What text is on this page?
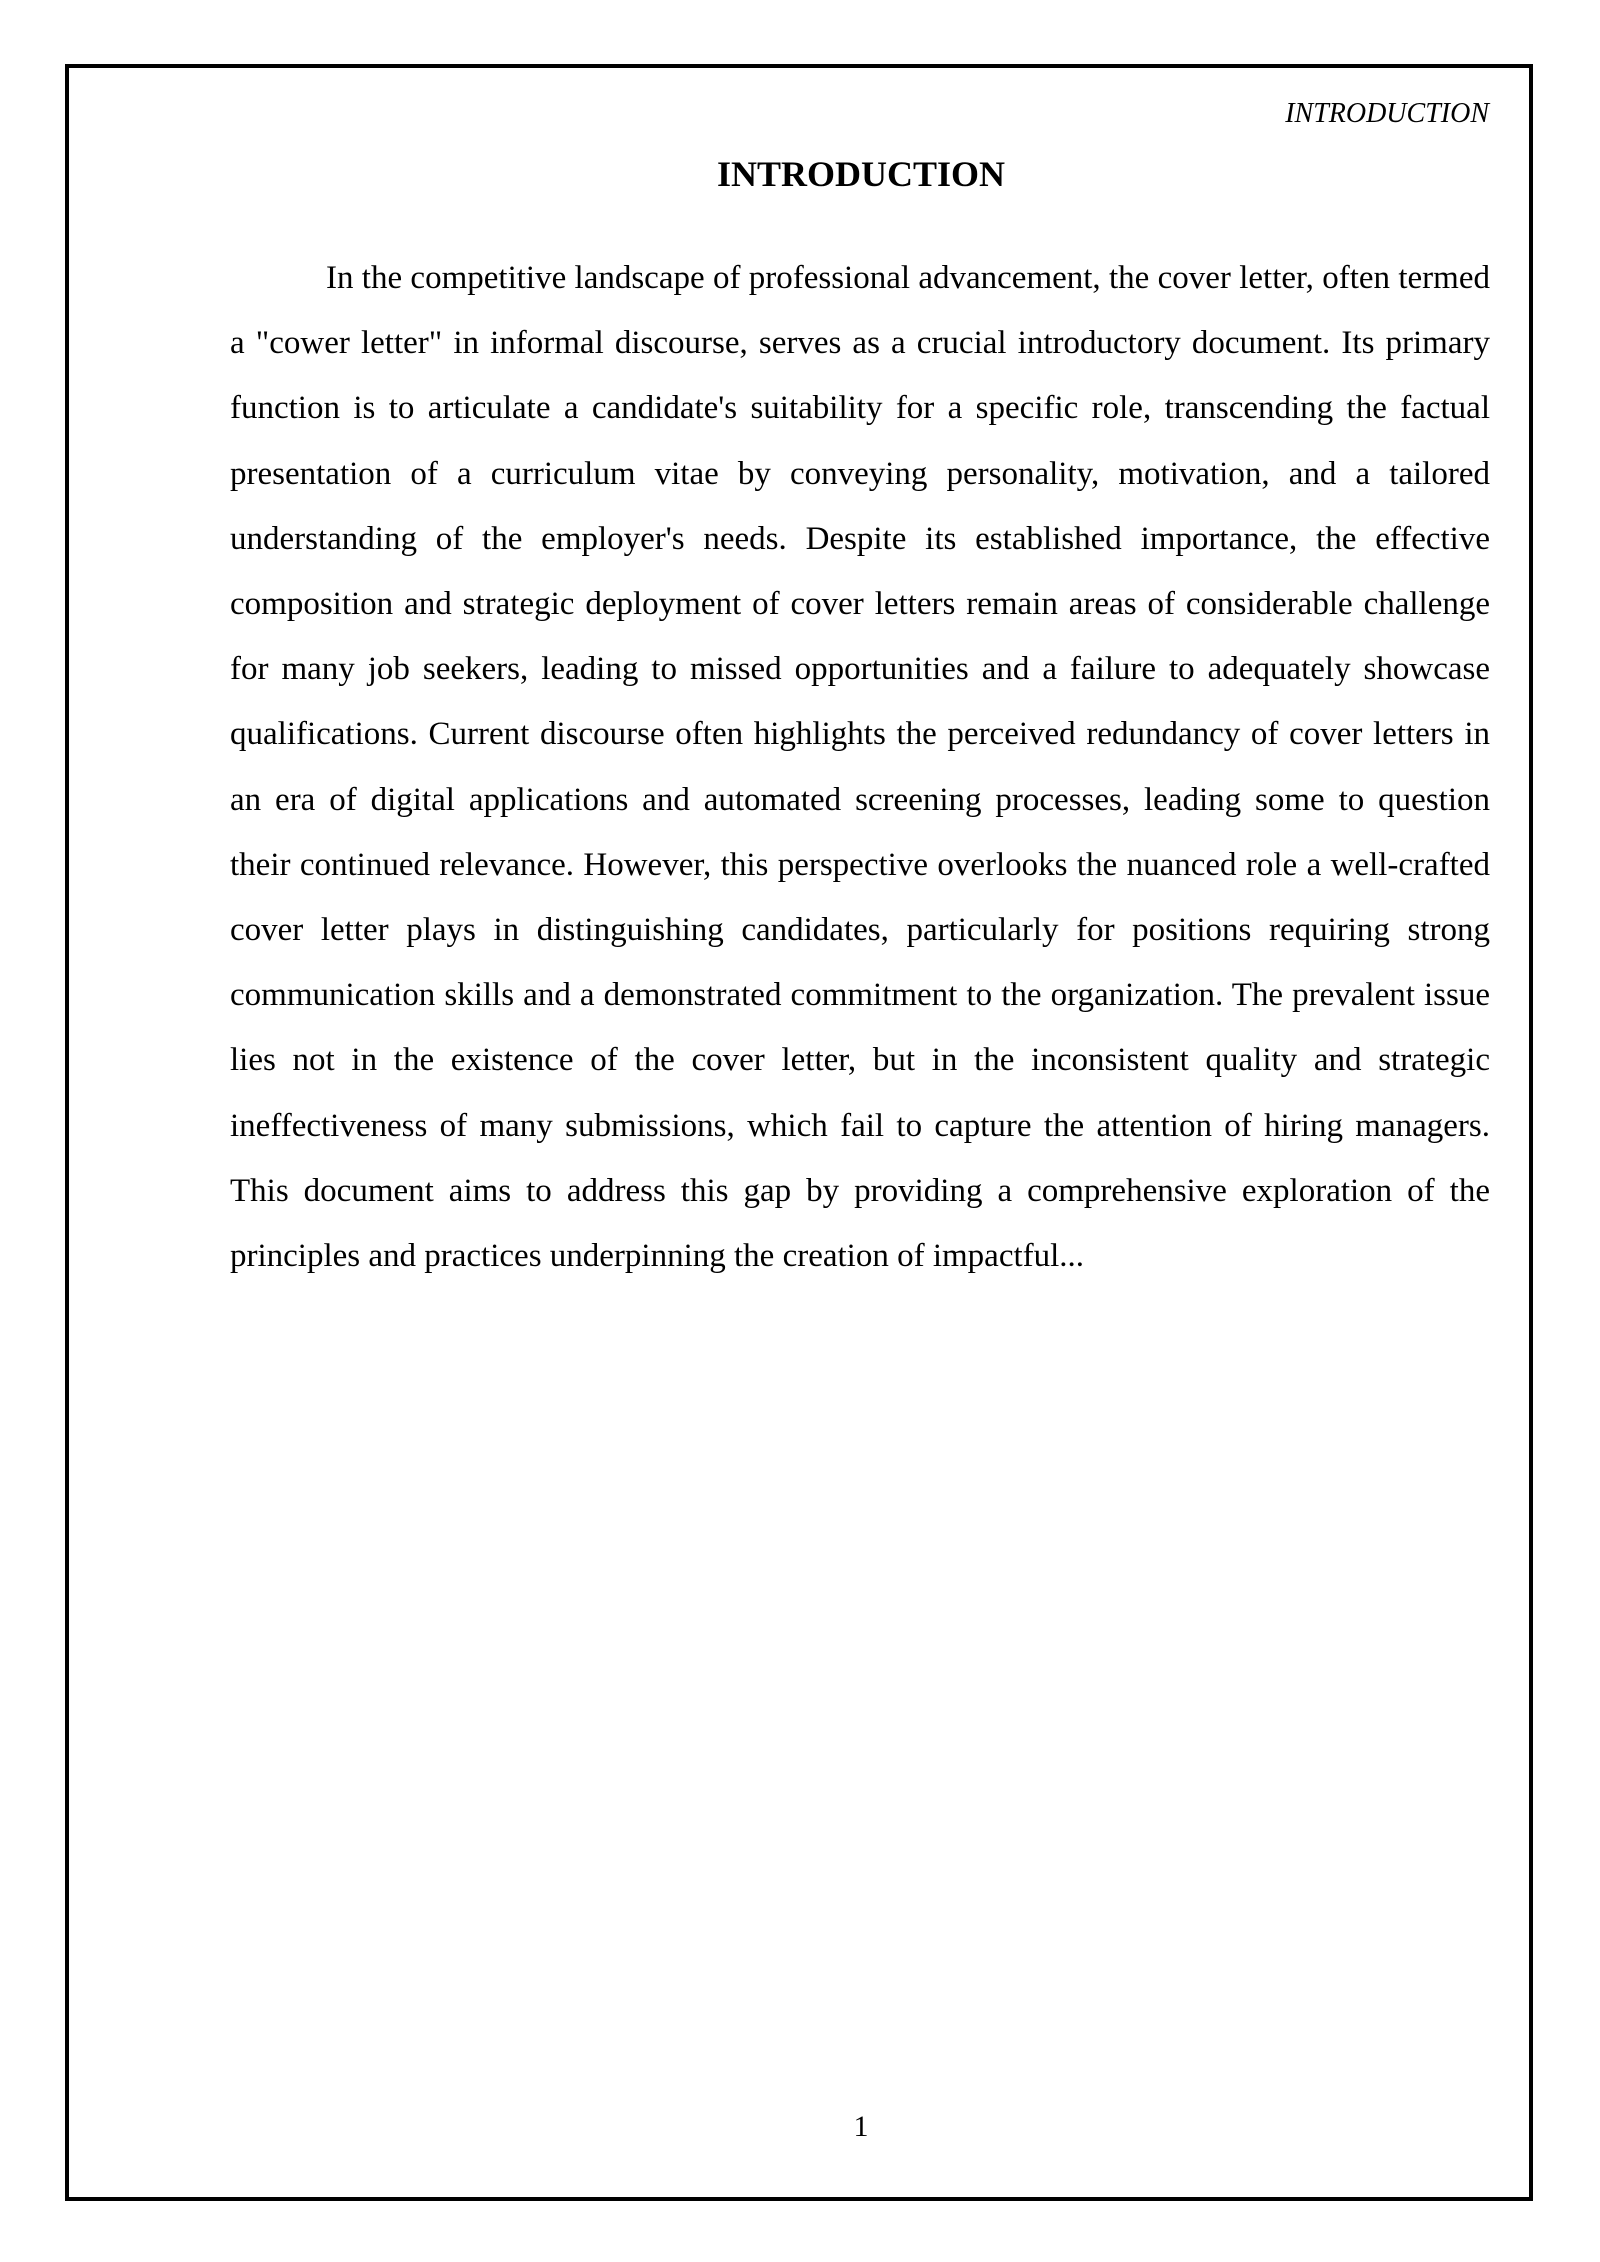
INTRODUCTION
INTRODUCTION

In the competitive landscape of professional advancement, the cover letter, often termed a "cower letter" in informal discourse, serves as a crucial introductory document. Its primary function is to articulate a candidate's suitability for a specific role, transcending the factual presentation of a curriculum vitae by conveying personality, motivation, and a tailored understanding of the employer's needs. Despite its established importance, the effective composition and strategic deployment of cover letters remain areas of considerable challenge for many job seekers, leading to missed opportunities and a failure to adequately showcase qualifications. Current discourse often highlights the perceived redundancy of cover letters in an era of digital applications and automated screening processes, leading some to question their continued relevance. However, this perspective overlooks the nuanced role a well-crafted cover letter plays in distinguishing candidates, particularly for positions requiring strong communication skills and a demonstrated commitment to the organization. The prevalent issue lies not in the existence of the cover letter, but in the inconsistent quality and strategic ineffectiveness of many submissions, which fail to capture the attention of hiring managers. This document aims to address this gap by providing a comprehensive exploration of the principles and practices underpinning the creation of impactful...

1
